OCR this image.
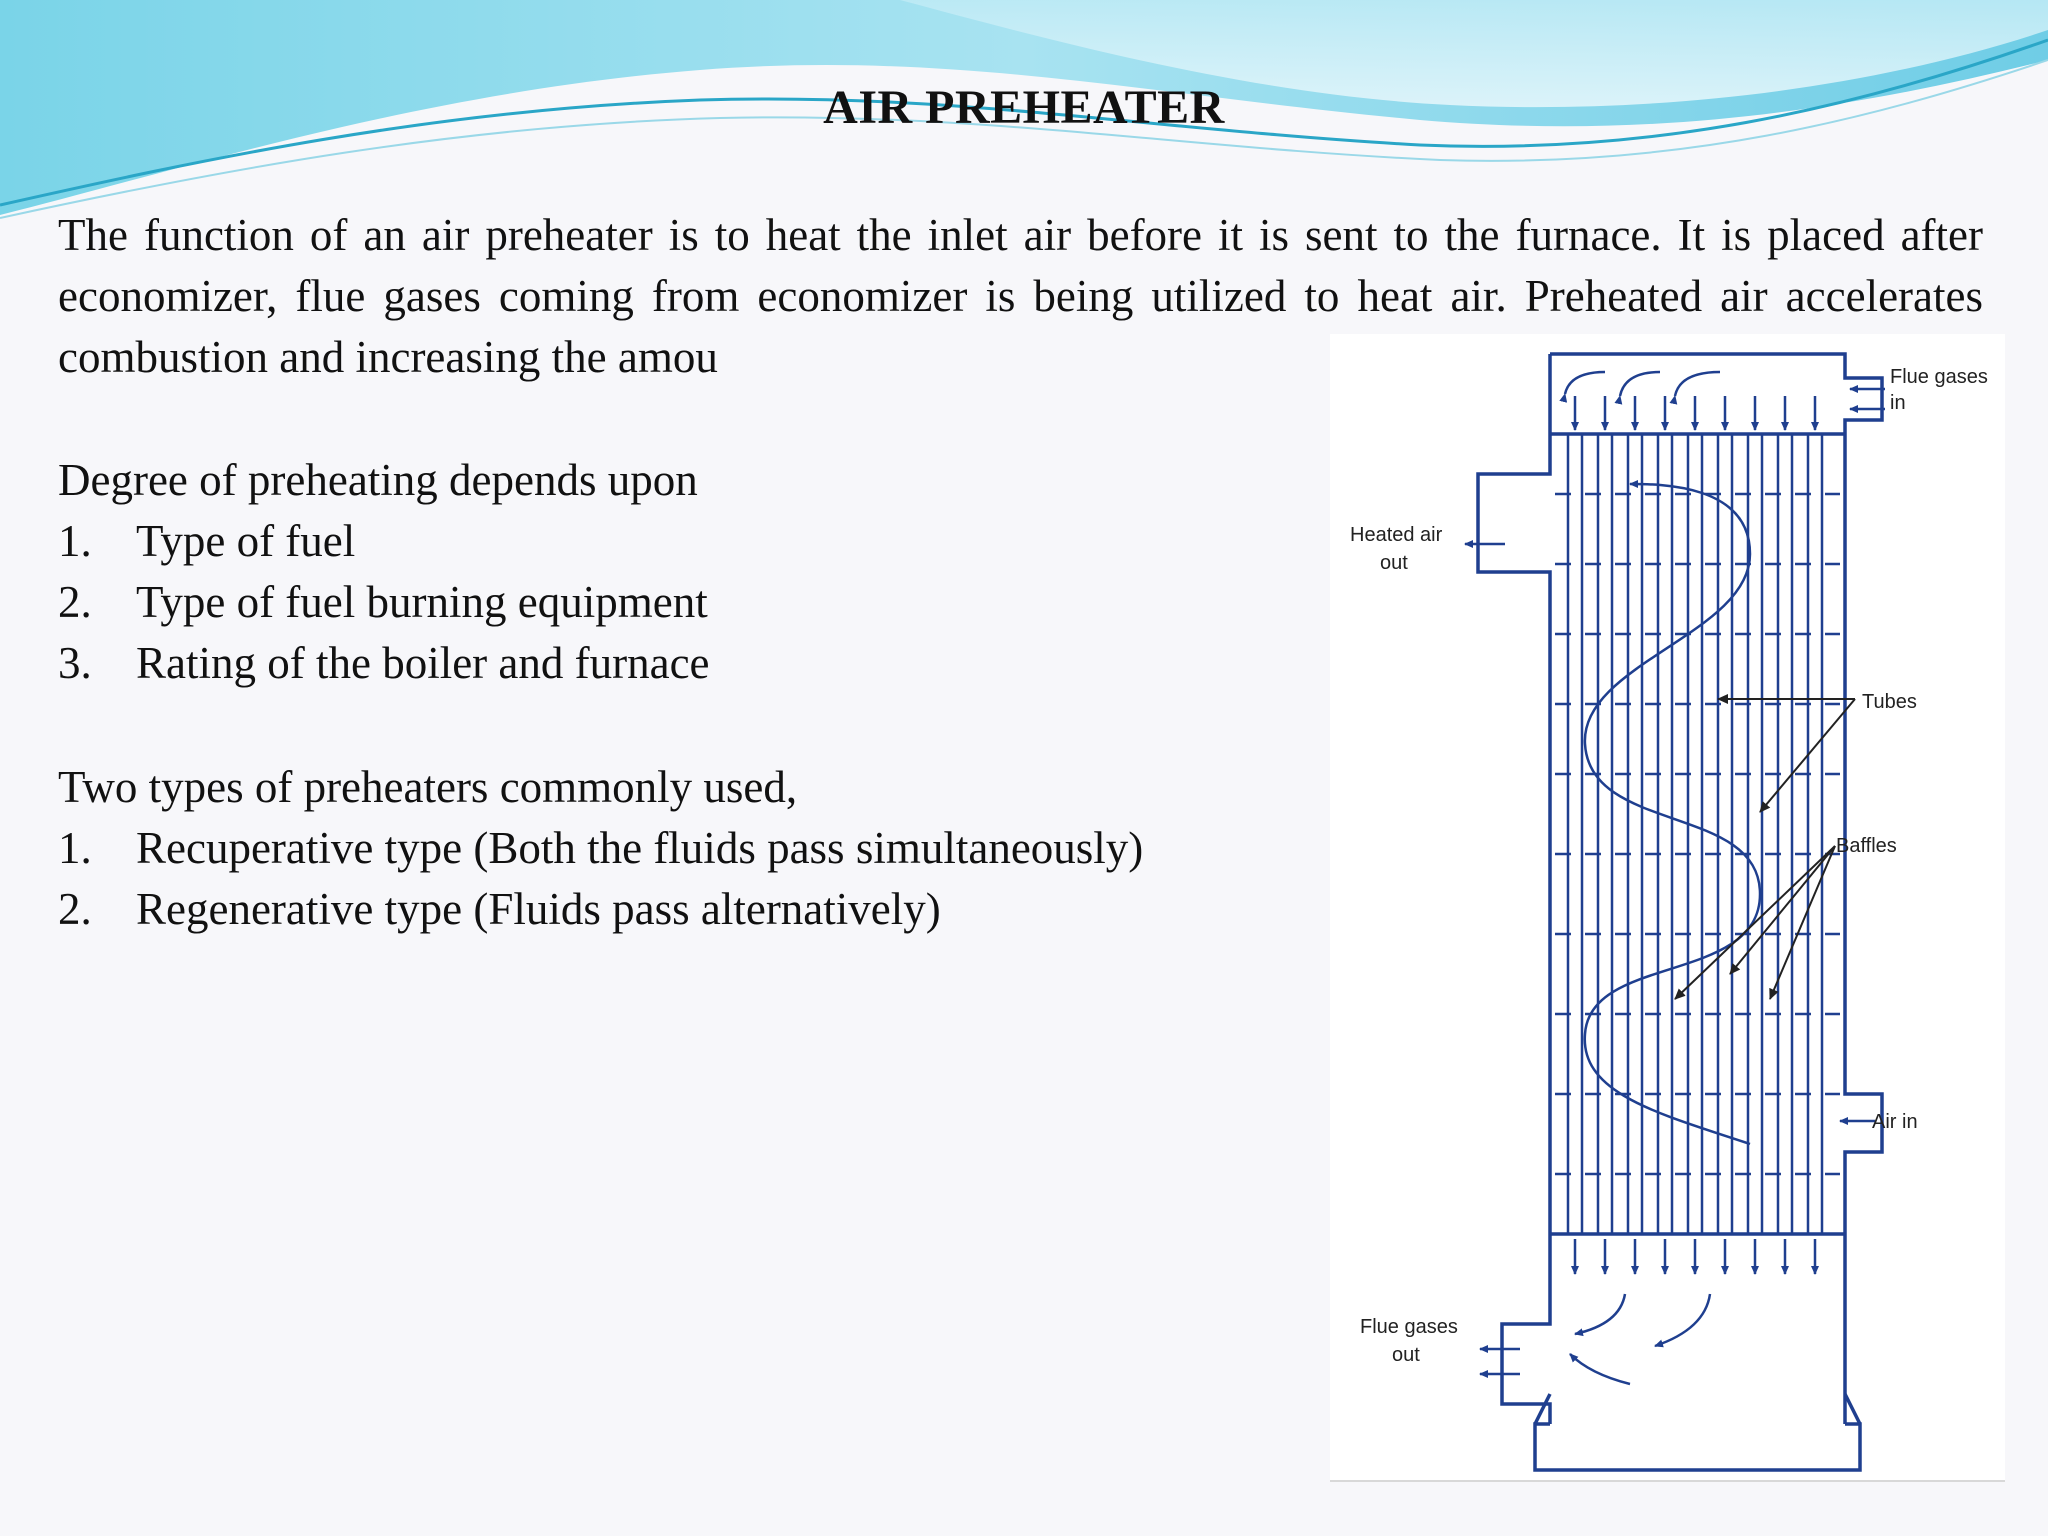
AIR PREHEATER
The function of an air preheater is to heat the inlet air before it is sent to the furnace. It is placed after economizer, flue gases coming from economizer is being utilized to heat air. Preheated air accelerates combustion and increasing the amou
Degree of preheating depends upon
1. Type of fuel
2. Type of fuel burning equipment
3. Rating of the boiler and furnace
Two types of preheaters commonly used,
1. Recuperative type (Both the fluids pass simultaneously)
2. Regenerative type (Fluids pass alternatively)
Flue gases
in
Heated air
out
Tubes
Baffles
Air in
Flue gases
out
